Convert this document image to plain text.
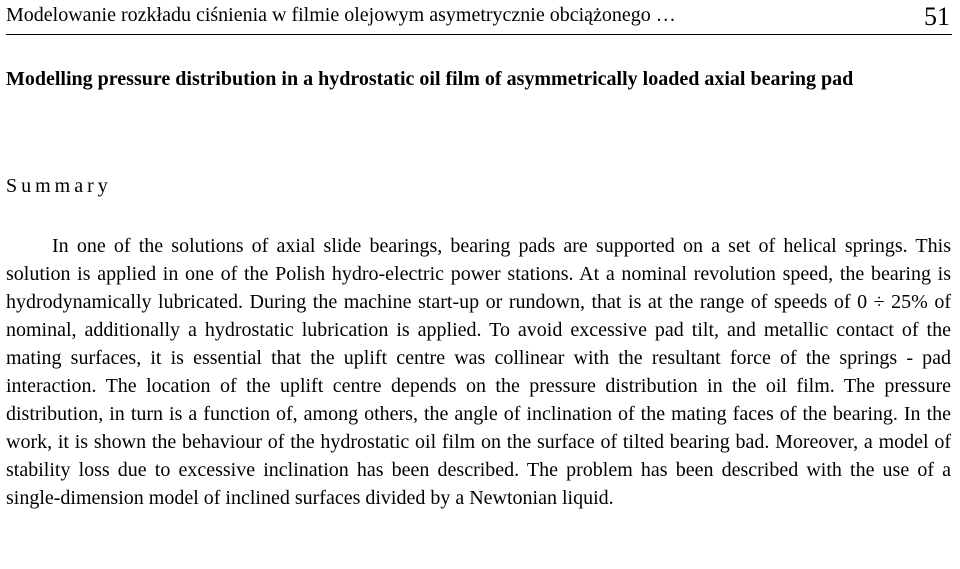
Modelowanie rozkładu ciśnienia w filmie olejowym asymetrycznie obciążonego …	51
Modelling pressure distribution in a hydrostatic oil film of asymmetrically loaded axial bearing pad
Summary
In one of the solutions of axial slide bearings, bearing pads are supported on a set of helical springs. This solution is applied in one of the Polish hydro-electric power stations. At a nominal revolution speed, the bearing is hydrodynamically lubricated. During the machine start-up or rundown, that is at the range of speeds of 0 ÷ 25% of nominal, additionally a hydrostatic lubrication is applied. To avoid excessive pad tilt, and metallic contact of the mating surfaces, it is essential that the uplift centre was collinear with the resultant force of the springs - pad interaction. The location of the uplift centre depends on the pressure distribution in the oil film. The pressure distribution, in turn is a function of, among others, the angle of inclination of the mating faces of the bearing. In the work, it is shown the behaviour of the hydrostatic oil film on the surface of tilted bearing bad. Moreover, a model of stability loss due to excessive inclination has been described. The problem has been described with the use of a single-dimension model of inclined surfaces divided by a Newtonian liquid.
